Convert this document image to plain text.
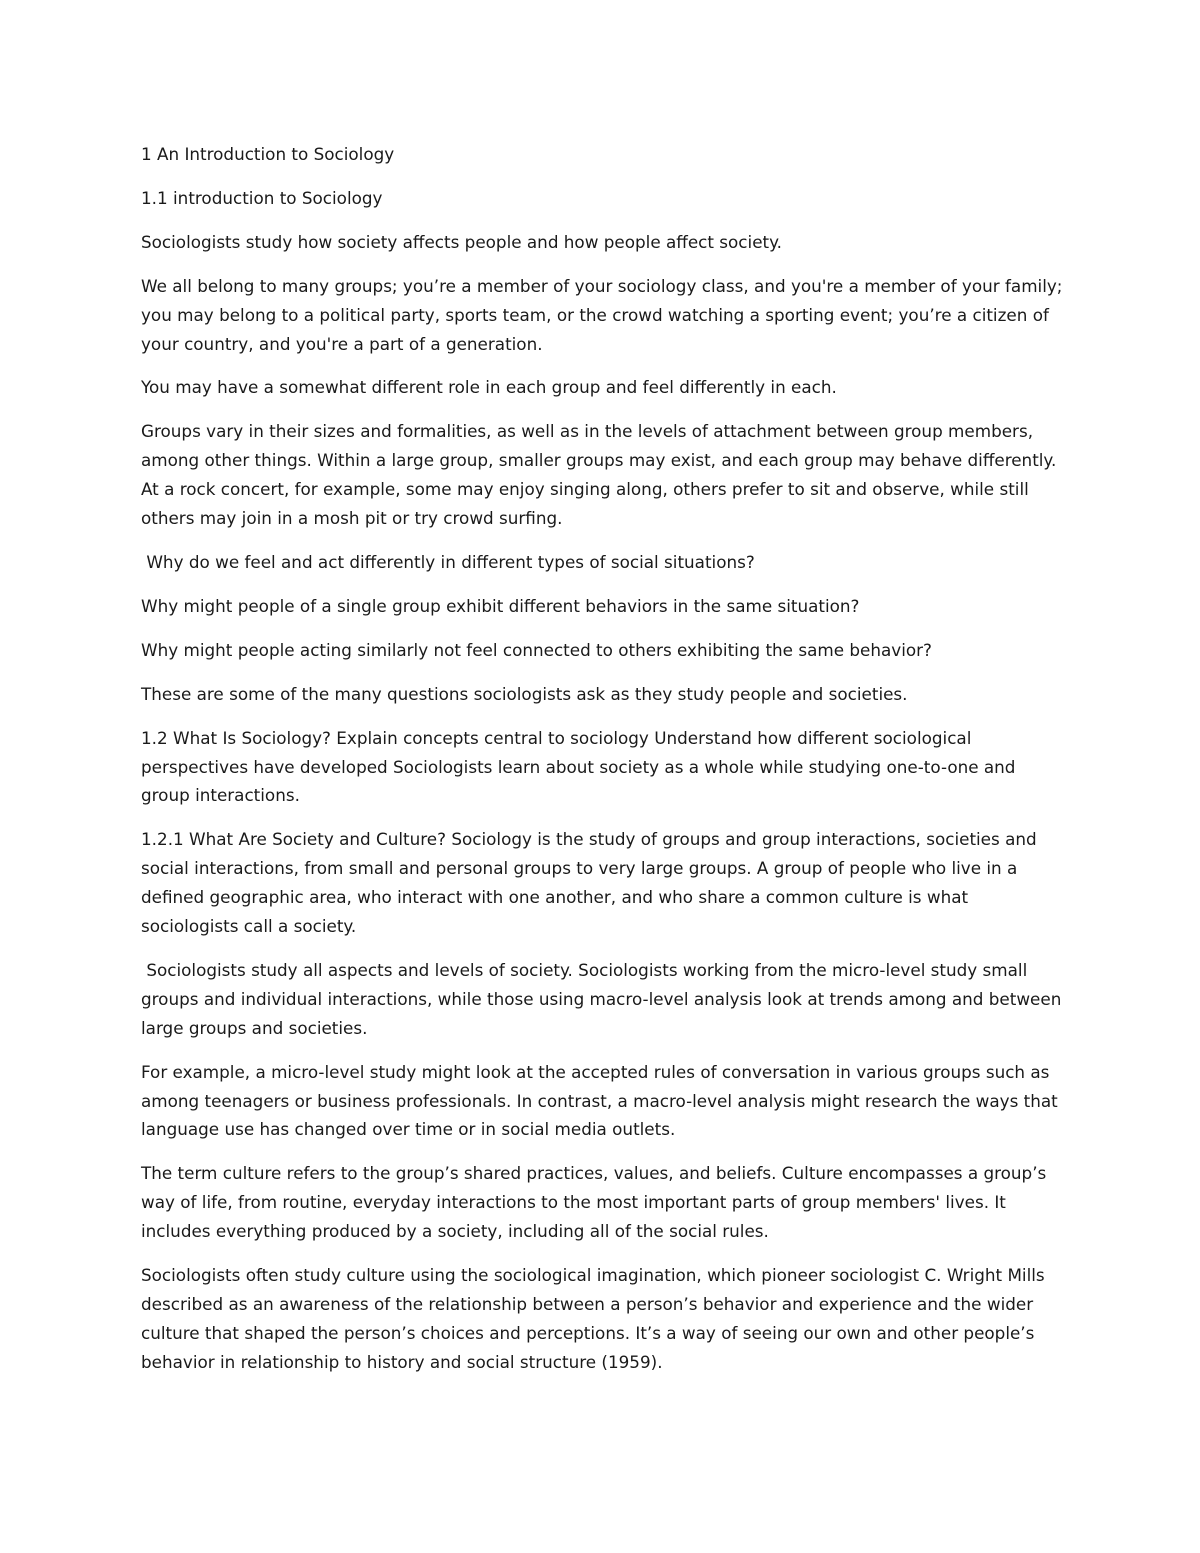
1 An Introduction to Sociology

1.1 introduction to Sociology

Sociologists study how society affects people and how people affect society.

We all belong to many groups; you’re a member of your sociology class, and you're a member of your family; you may belong to a political party, sports team, or the crowd watching a sporting event; you’re a citizen of your country, and you're a part of a generation.

You may have a somewhat different role in each group and feel differently in each.

Groups vary in their sizes and formalities, as well as in the levels of attachment between group members, among other things. Within a large group, smaller groups may exist, and each group may behave differently. At a rock concert, for example, some may enjoy singing along, others prefer to sit and observe, while still others may join in a mosh pit or try crowd surfing.

Why do we feel and act differently in different types of social situations?

Why might people of a single group exhibit different behaviors in the same situation?

Why might people acting similarly not feel connected to others exhibiting the same behavior?

These are some of the many questions sociologists ask as they study people and societies.

1.2 What Is Sociology? Explain concepts central to sociology Understand how different sociological perspectives have developed Sociologists learn about society as a whole while studying one-to-one and group interactions.

1.2.1 What Are Society and Culture? Sociology is the study of groups and group interactions, societies and social interactions, from small and personal groups to very large groups. A group of people who live in a defined geographic area, who interact with one another, and who share a common culture is what sociologists call a society.

Sociologists study all aspects and levels of society. Sociologists working from the micro-level study small groups and individual interactions, while those using macro-level analysis look at trends among and between large groups and societies.

For example, a micro-level study might look at the accepted rules of conversation in various groups such as among teenagers or business professionals. In contrast, a macro-level analysis might research the ways that language use has changed over time or in social media outlets.

The term culture refers to the group’s shared practices, values, and beliefs. Culture encompasses a group’s way of life, from routine, everyday interactions to the most important parts of group members' lives. It includes everything produced by a society, including all of the social rules.

Sociologists often study culture using the sociological imagination, which pioneer sociologist C. Wright Mills described as an awareness of the relationship between a person’s behavior and experience and the wider culture that shaped the person’s choices and perceptions. It’s a way of seeing our own and other people’s behavior in relationship to history and social structure (1959).
